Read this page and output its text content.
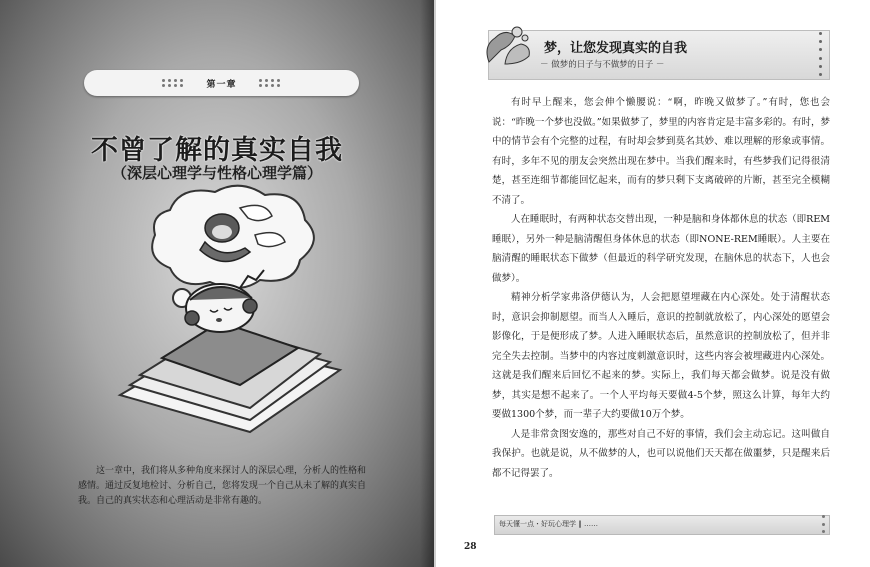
第一章
不曾了解的真实自我
（深层心理学与性格心理学篇）
这一章中，我们将从多种角度来探讨人的深层心理，分析人的性格和感情。通过反复地检讨、分析自己，您将发现一个自己从未了解的真实自我。自己的真实状态和心理活动是非常有趣的。
梦，让您发现真实的自我
－ 做梦的日子与不做梦的日子 －

有时早上醒来，您会伸个懒腰说：“啊，昨晚又做梦了。”有时，您也会说：“昨晚一个梦也没做。”如果做梦了，梦里的内容肯定是丰富多彩的。有时，梦中的情节会有个完整的过程，有时却会梦到莫名其妙、难以理解的形象或事情。有时，多年不见的朋友会突然出现在梦中。当我们醒来时，有些梦我们记得很清楚，甚至连细节都能回忆起来，而有的梦只剩下支离破碎的片断，甚至完全模糊不清了。

人在睡眠时，有两种状态交替出现，一种是脑和身体都休息的状态（即REM睡眠），另外一种是脑清醒但身体休息的状态（即NONE-REM睡眠）。人主要在脑清醒的睡眠状态下做梦（但最近的科学研究发现，在脑休息的状态下，人也会做梦）。

精神分析学家弗洛伊德认为，人会把愿望埋藏在内心深处。处于清醒状态时，意识会抑制愿望。而当人入睡后，意识的控制就放松了，内心深处的愿望会影像化，于是便形成了梦。人进入睡眠状态后，虽然意识的控制放松了，但并非完全失去控制。当梦中的内容过度刺激意识时，这些内容会被埋藏进内心深处。这就是我们醒来后回忆不起来的梦。实际上，我们每天都会做梦。说是没有做梦，其实是想不起来了。一个人平均每天要做4-5个梦，照这么计算，每年大约要做1300个梦，而一辈子大约要做10万个梦。

人是非常贪图安逸的，那些对自己不好的事情，我们会主动忘记。这叫做自我保护。也就是说，从不做梦的人，也可以说他们天天都在做噩梦，只是醒来后都不记得罢了。

每天懂一点・好玩心理学 ‖ ……
28
